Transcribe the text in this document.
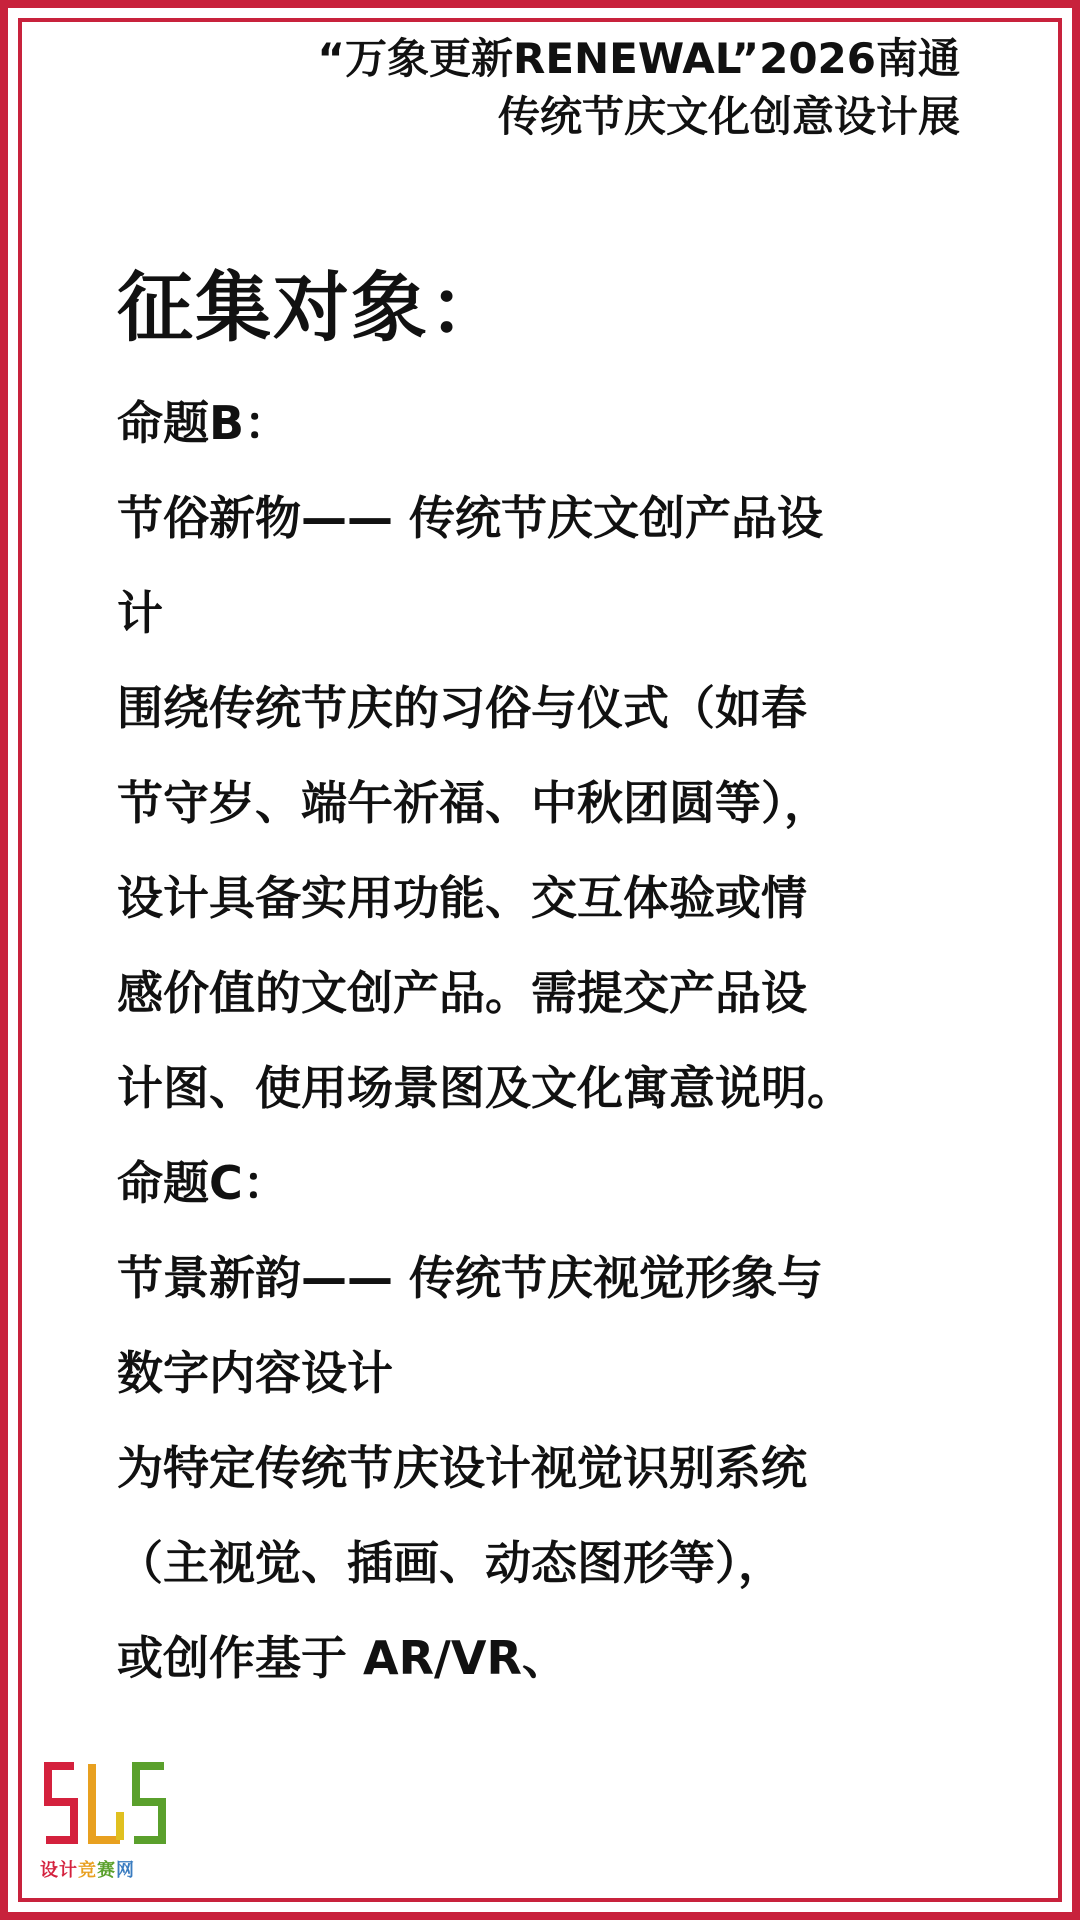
“万象更新RENEWAL”2026南通
传统节庆文化创意设计展
征集对象：
命题B：
节俗新物—— 传统节庆文创产品设
计
围绕传统节庆的习俗与仪式（如春
节守岁、端午祈福、中秋团圆等），
设计具备实用功能、交互体验或情
感价值的文创产品。需提交产品设
计图、使用场景图及文化寓意说明。
命题C：
节景新韵—— 传统节庆视觉形象与
数字内容设计
为特定传统节庆设计视觉识别系统
（主视觉、插画、动态图形等），
或创作基于 AR/VR、
设计竞赛网
